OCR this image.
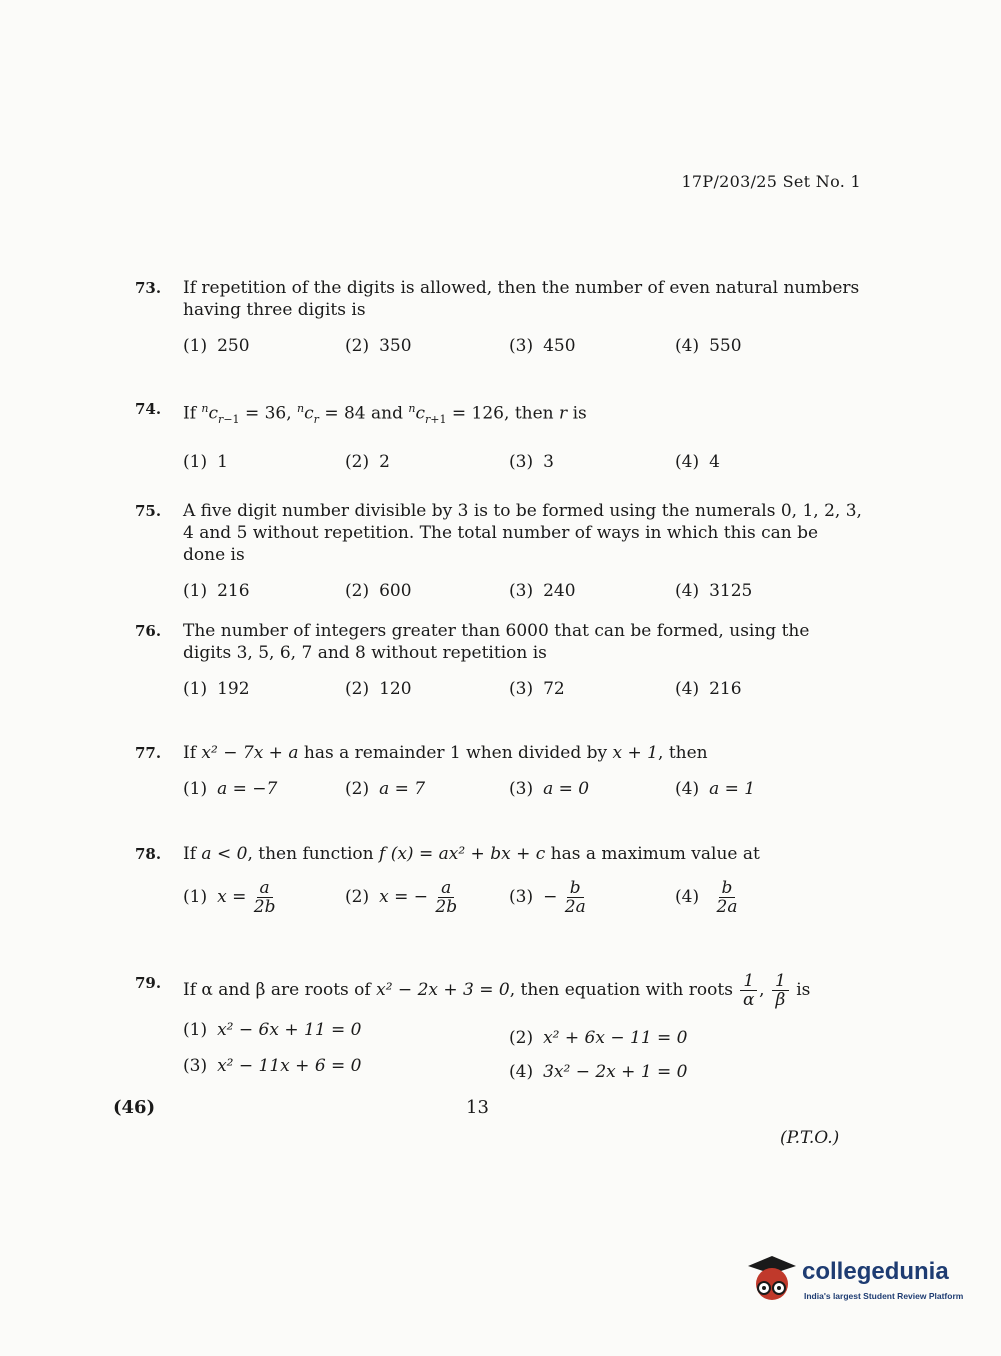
17P/203/25 Set No. 1
73. If repetition of the digits is allowed, then the number of even natural numbers having three digits is
(1) 250	(2) 350	(3) 450	(4) 550
74. If $^nc_{r-1} = 36$, $^nc_r = 84$ and $^nc_{r+1} = 126$, then r is
(1) 1	(2) 2	(3) 3	(4) 4
75. A five digit number divisible by 3 is to be formed using the numerals 0, 1, 2, 3, 4 and 5 without repetition. The total number of ways in which this can be done is
(1) 216	(2) 600	(3) 240	(4) 3125
76. The number of integers greater than 6000 that can be formed, using the digits 3, 5, 6, 7 and 8 without repetition is
(1) 192	(2) 120	(3) 72	(4) 216
77. If x² − 7x + a has a remainder 1 when divided by x + 1, then
(1) a = −7	(2) a = 7	(3) a = 0	(4) a = 1
78. If a < 0, then function f (x) = ax² + bx + c has a maximum value at
(1) $x = \frac{a}{2b}$	(2) x = − $\frac{a}{2b}$	$(3) - \frac{b}{2a}$	$(4) \frac{b}{2a}$
79. If α and β are roots of x² − 2x + 3 = 0, then equation with roots $\frac{1}{\alpha}$ , $\frac{1}{\beta}$ is
(1) x² − 6x + 11 = 0	(2) x² + 6x − 11 = 0
(3) x² − 11x + 6 = 0	(4) 3x² − 2x + 1 = 0
(46)	13
(P.T.O.)
collegedunia
India's largest Student Review Platform
